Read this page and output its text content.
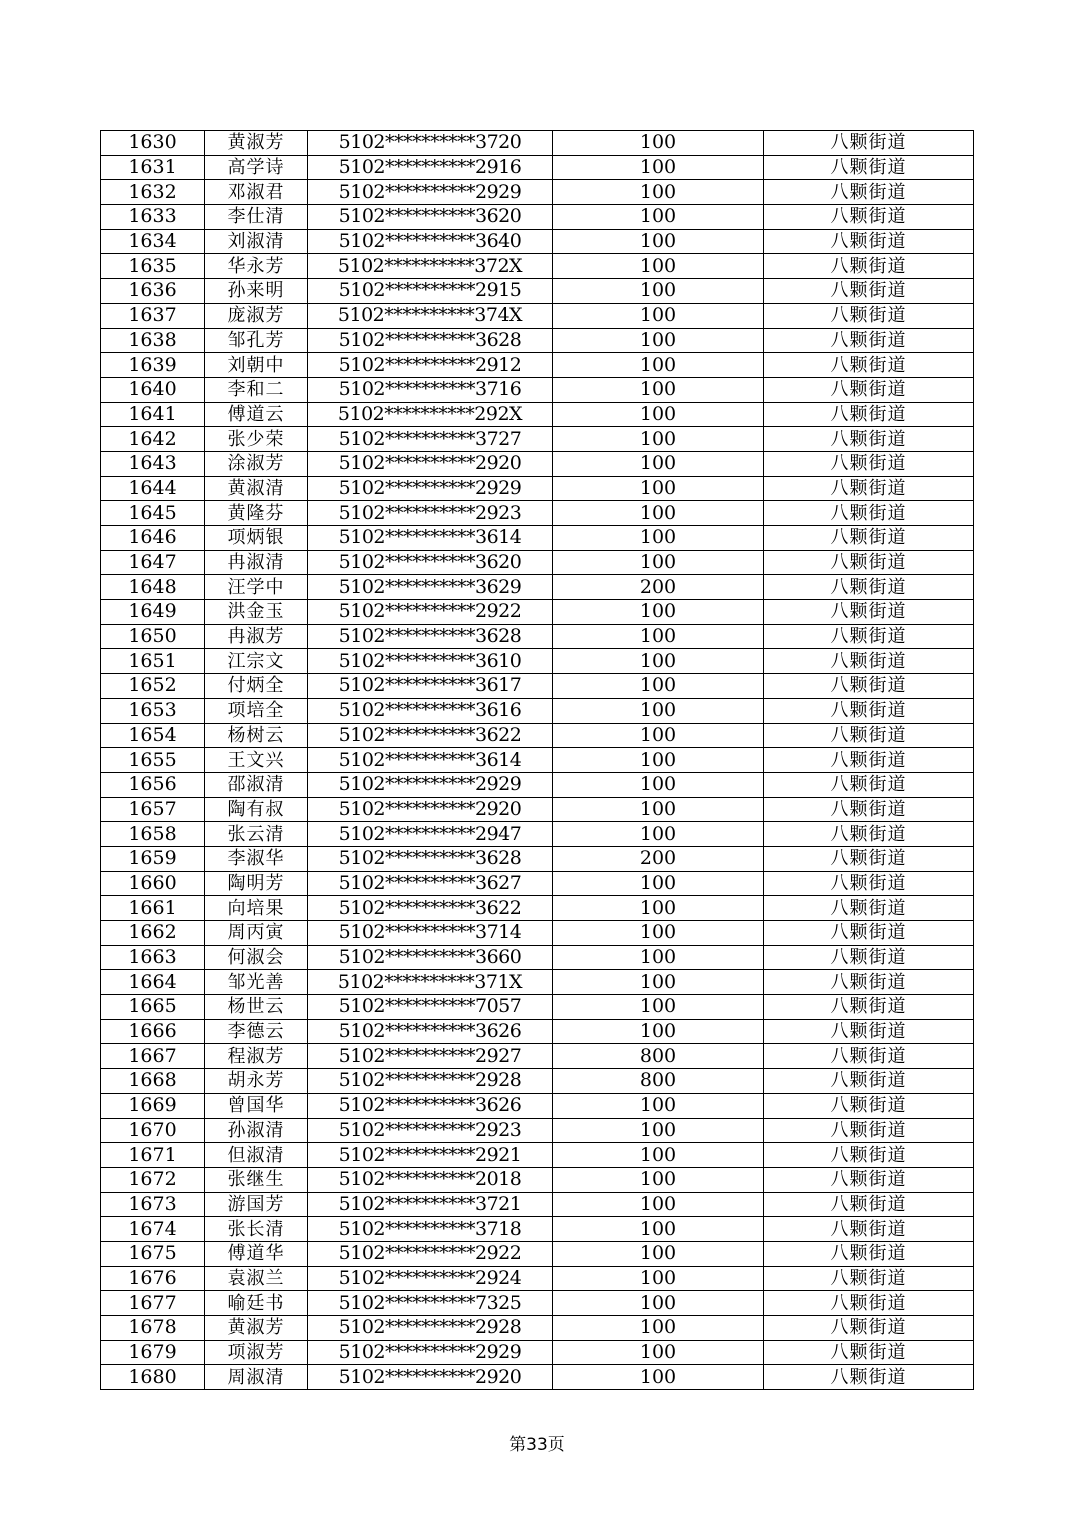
1630	黄淑芳	5102**********3720	100	八颗街道
1631	高学诗	5102**********2916	100	八颗街道
1632	邓淑君	5102**********2929	100	八颗街道
1633	李仕清	5102**********3620	100	八颗街道
1634	刘淑清	5102**********3640	100	八颗街道
1635	华永芳	5102**********372X	100	八颗街道
1636	孙来明	5102**********2915	100	八颗街道
1637	庞淑芳	5102**********374X	100	八颗街道
1638	邹孔芳	5102**********3628	100	八颗街道
1639	刘朝中	5102**********2912	100	八颗街道
1640	李和二	5102**********3716	100	八颗街道
1641	傅道云	5102**********292X	100	八颗街道
1642	张少荣	5102**********3727	100	八颗街道
1643	涂淑芳	5102**********2920	100	八颗街道
1644	黄淑清	5102**********2929	100	八颗街道
1645	黄隆芬	5102**********2923	100	八颗街道
1646	项炳银	5102**********3614	100	八颗街道
1647	冉淑清	5102**********3620	100	八颗街道
1648	汪学中	5102**********3629	200	八颗街道
1649	洪金玉	5102**********2922	100	八颗街道
1650	冉淑芳	5102**********3628	100	八颗街道
1651	江宗文	5102**********3610	100	八颗街道
1652	付炳全	5102**********3617	100	八颗街道
1653	项培全	5102**********3616	100	八颗街道
1654	杨树云	5102**********3622	100	八颗街道
1655	王文兴	5102**********3614	100	八颗街道
1656	邵淑清	5102**********2929	100	八颗街道
1657	陶有叔	5102**********2920	100	八颗街道
1658	张云清	5102**********2947	100	八颗街道
1659	李淑华	5102**********3628	200	八颗街道
1660	陶明芳	5102**********3627	100	八颗街道
1661	向培果	5102**********3622	100	八颗街道
1662	周丙寅	5102**********3714	100	八颗街道
1663	何淑会	5102**********3660	100	八颗街道
1664	邹光善	5102**********371X	100	八颗街道
1665	杨世云	5102**********7057	100	八颗街道
1666	李德云	5102**********3626	100	八颗街道
1667	程淑芳	5102**********2927	800	八颗街道
1668	胡永芳	5102**********2928	800	八颗街道
1669	曾国华	5102**********3626	100	八颗街道
1670	孙淑清	5102**********2923	100	八颗街道
1671	但淑清	5102**********2921	100	八颗街道
1672	张继生	5102**********2018	100	八颗街道
1673	游国芳	5102**********3721	100	八颗街道
1674	张长清	5102**********3718	100	八颗街道
1675	傅道华	5102**********2922	100	八颗街道
1676	袁淑兰	5102**********2924	100	八颗街道
1677	喻廷书	5102**********7325	100	八颗街道
1678	黄淑芳	5102**********2928	100	八颗街道
1679	项淑芳	5102**********2929	100	八颗街道
1680	周淑清	5102**********2920	100	八颗街道
第33页
